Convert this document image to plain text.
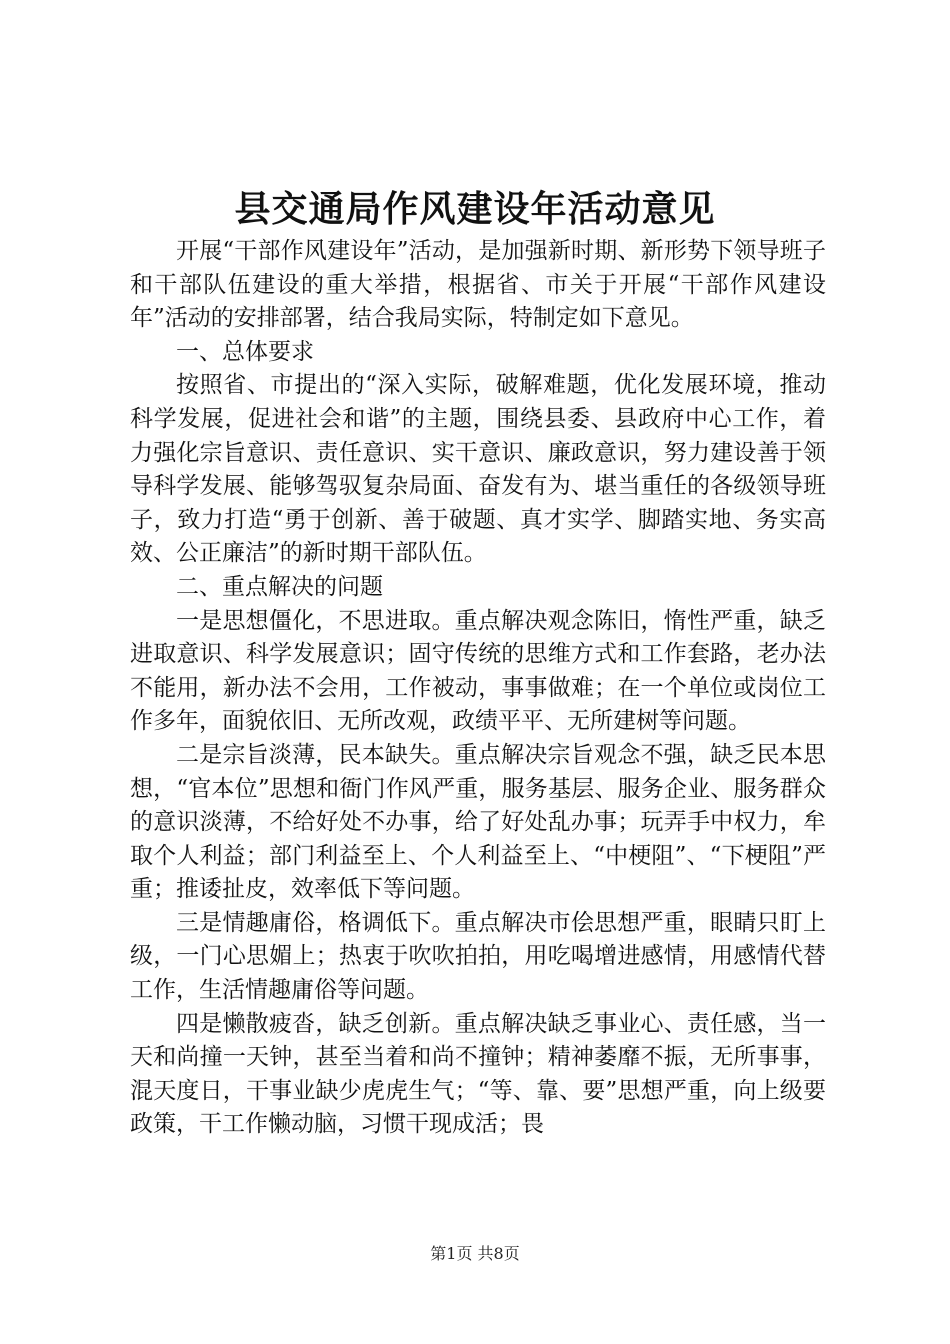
县交通局作风建设年活动意见

开展“干部作风建设年”活动，是加强新时期、新形势下领导班子和干部队伍建设的重大举措，根据省、市关于开展“干部作风建设年”活动的安排部署，结合我局实际，特制定如下意见。

一、总体要求

按照省、市提出的“深入实际，破解难题，优化发展环境，推动科学发展，促进社会和谐”的主题，围绕县委、县政府中心工作，着力强化宗旨意识、责任意识、实干意识、廉政意识，努力建设善于领导科学发展、能够驾驭复杂局面、奋发有为、堪当重任的各级领导班子，致力打造“勇于创新、善于破题、真才实学、脚踏实地、务实高效、公正廉洁”的新时期干部队伍。

二、重点解决的问题

一是思想僵化，不思进取。重点解决观念陈旧，惰性严重，缺乏进取意识、科学发展意识；固守传统的思维方式和工作套路，老办法不能用，新办法不会用，工作被动，事事做难；在一个单位或岗位工作多年，面貌依旧、无所改观，政绩平平、无所建树等问题。

二是宗旨淡薄，民本缺失。重点解决宗旨观念不强，缺乏民本思想，“官本位”思想和衙门作风严重，服务基层、服务企业、服务群众的意识淡薄，不给好处不办事，给了好处乱办事；玩弄手中权力，牟取个人利益；部门利益至上、个人利益至上、“中梗阻”、“下梗阻”严重；推诿扯皮，效率低下等问题。

三是情趣庸俗，格调低下。重点解决市侩思想严重，眼睛只盯上级，一门心思媚上；热衷于吹吹拍拍，用吃喝增进感情，用感情代替工作，生活情趣庸俗等问题。

四是懒散疲沓，缺乏创新。重点解决缺乏事业心、责任感，当一天和尚撞一天钟，甚至当着和尚不撞钟；精神萎靡不振，无所事事，混天度日，干事业缺少虎虎生气；“等、靠、要”思想严重，向上级要政策，干工作懒动脑，习惯干现成活；畏

第1页 共8页
